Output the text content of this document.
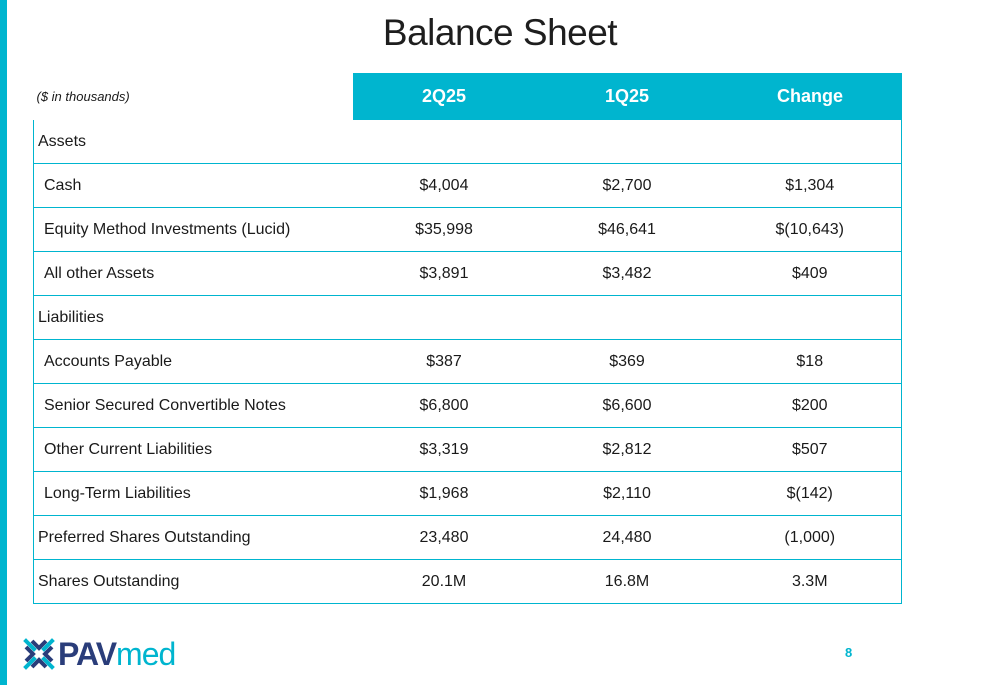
Balance Sheet
($ in thousands)	2Q25	1Q25	Change
Assets			
Cash	$4,004	$2,700	$1,304
Equity Method Investments (Lucid)	$35,998	$46,641	$(10,643)
All other Assets	$3,891	$3,482	$409
Liabilities			
Accounts Payable	$387	$369	$18
Senior Secured Convertible Notes	$6,800	$6,600	$200
Other Current Liabilities	$3,319	$2,812	$507
Long-Term Liabilities	$1,968	$2,110	$(142)
Preferred Shares Outstanding	23,480	24,480	(1,000)
Shares Outstanding	20.1M	16.8M	3.3M
PAVmed	8
